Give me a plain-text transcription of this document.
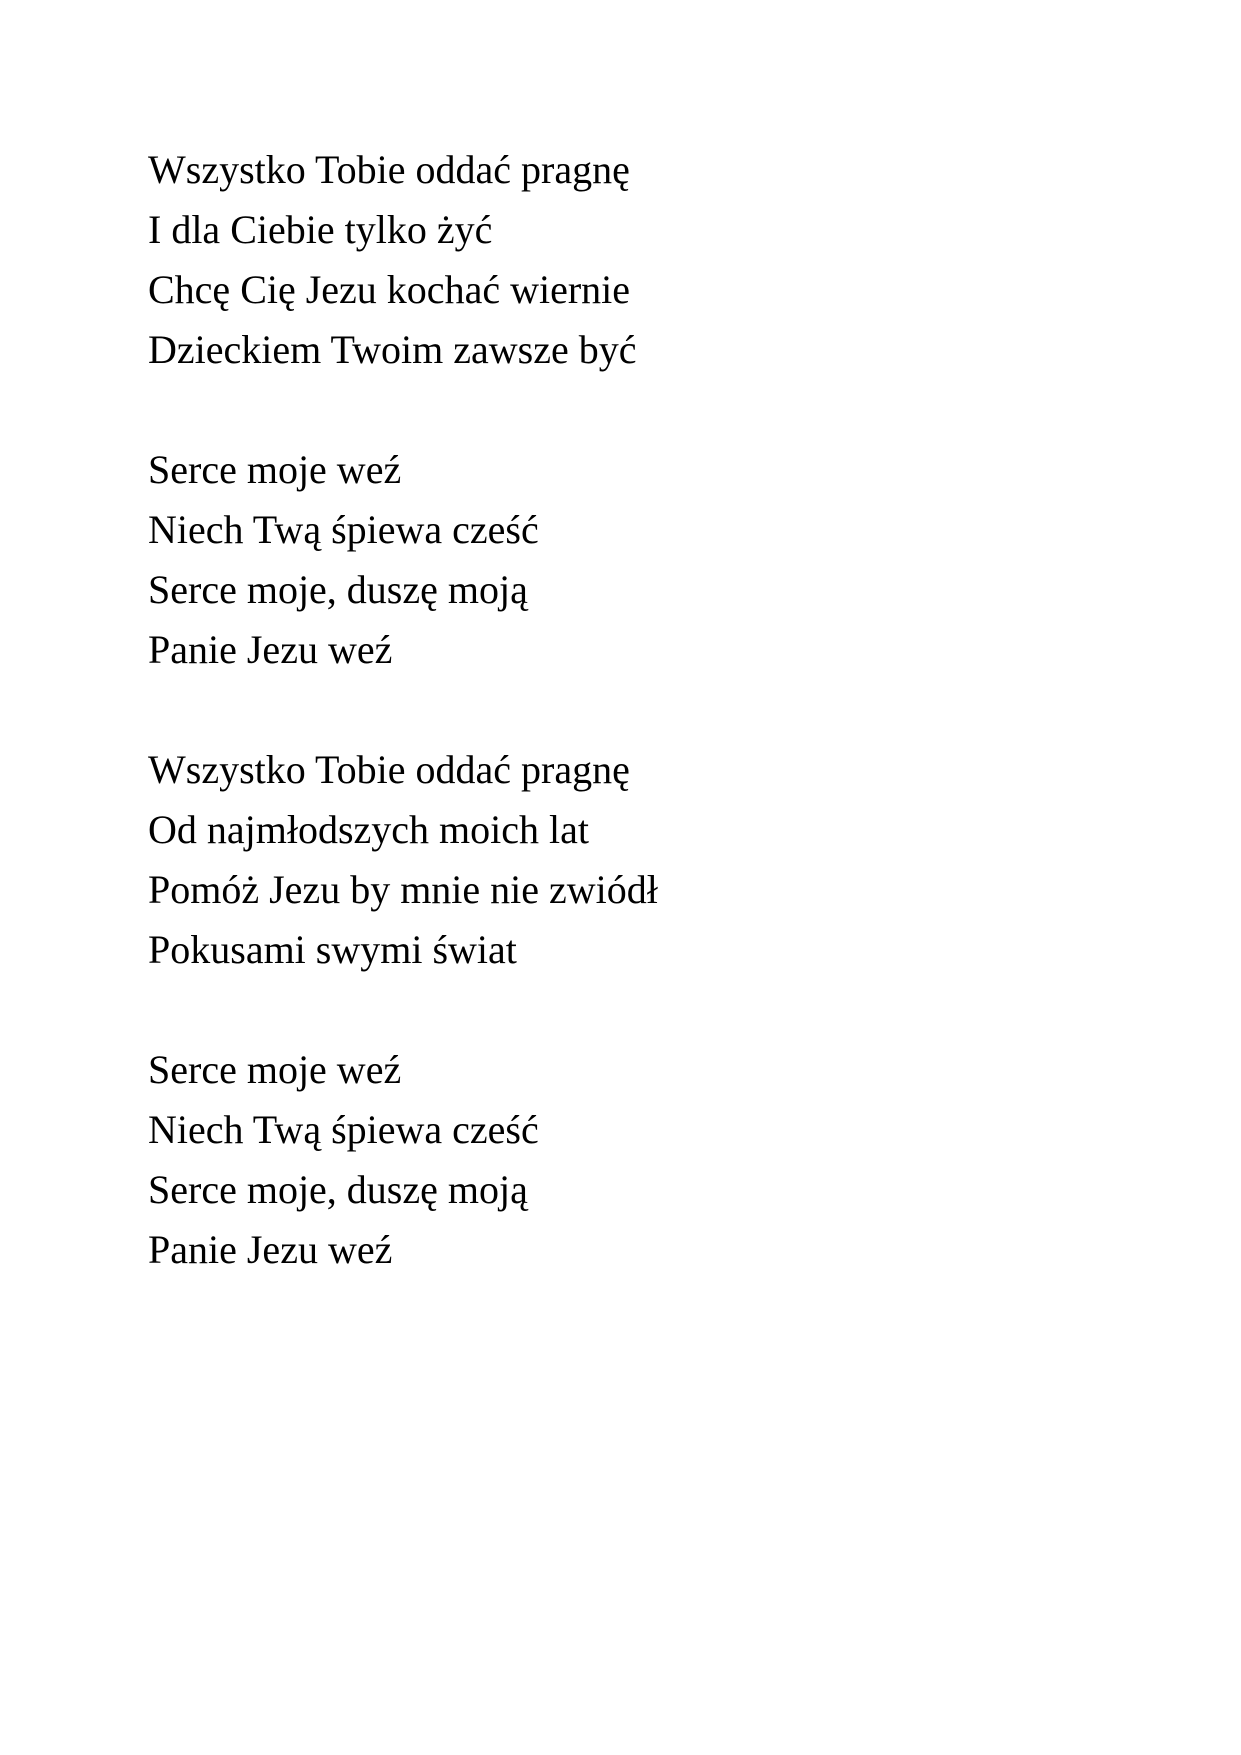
Wszystko Tobie oddać pragnę
I dla Ciebie tylko żyć
Chcę Cię Jezu kochać wiernie
Dzieckiem Twoim zawsze być
Serce moje weź
Niech Twą śpiewa cześć
Serce moje, duszę moją
Panie Jezu weź
Wszystko Tobie oddać pragnę
Od najmłodszych moich lat
Pomóż Jezu by mnie nie zwiódł
Pokusami swymi świat
Serce moje weź
Niech Twą śpiewa cześć
Serce moje, duszę moją
Panie Jezu weź
